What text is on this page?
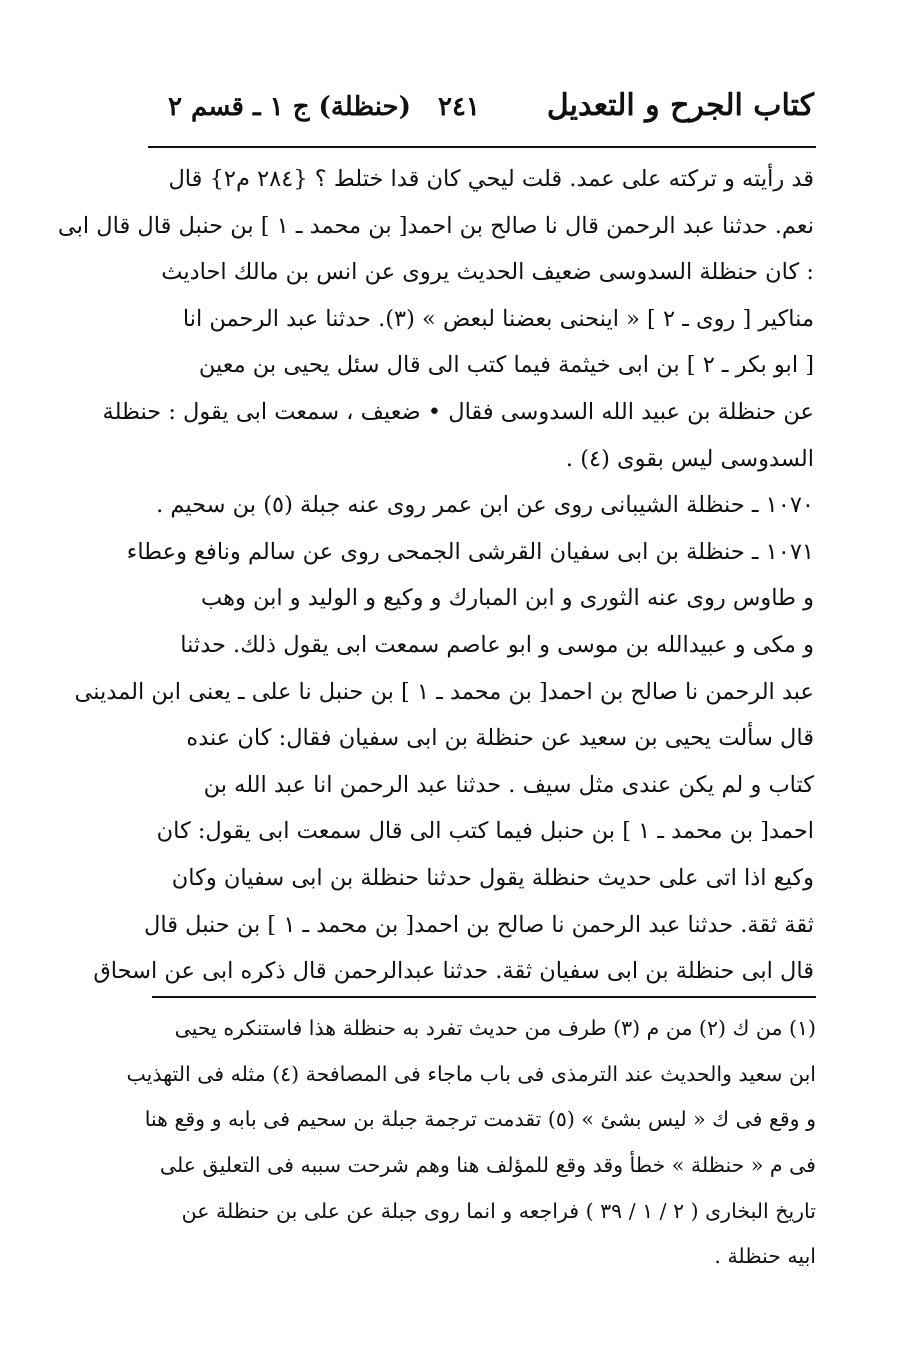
كتاب الجرح و التعديل
٢٤١
(حنظلة) ج ١ ـ قسم ٢
قد رأيته و تركته على عمد. قلت ليحي كان قدا ختلط ؟ {٢٨٤ م٢} قال
نعم. حدثنا عبد الرحمن قال نا صالح بن احمد[ بن محمد ـ ١ ] بن حنبل قال قال ابى
: كان حنظلة السدوسى ضعيف الحديث يروى عن انس بن مالك احاديث
مناكير [ روى ـ ٢ ] « اينحنى بعضنا لبعض » (٣). حدثنا عبد الرحمن انا
[ ابو بكر ـ ٢ ] بن ابى خيثمة فيما كتب الى قال سئل يحيى بن معين
عن حنظلة بن عبيد الله السدوسى فقال • ضعيف ، سمعت ابى يقول : حنظلة
السدوسى ليس بقوى (٤) .
١٠٧٠ ـ حنظلة الشيبانى روى عن ابن عمر روى عنه جبلة (٥) بن سحيم .
١٠٧١ ـ حنظلة بن ابى سفيان القرشى الجمحى روى عن سالم ونافع وعطاء
و طاوس روى عنه الثورى و ابن المبارك و وكيع و الوليد و ابن وهب
و مكى و عبيدالله بن موسى و ابو عاصم سمعت ابى يقول ذلك. حدثنا
عبد الرحمن نا صالح بن احمد[ بن محمد ـ ١ ] بن حنبل نا على ـ يعنى ابن المدينى
قال سألت يحيى بن سعيد عن حنظلة بن ابى سفيان فقال: كان عنده
كتاب و لم يكن عندى مثل سيف . حدثنا عبد الرحمن انا عبد الله بن
احمد[ بن محمد ـ ١ ] بن حنبل فيما كتب الى قال سمعت ابى يقول: كان
وكيع اذا اتى على حديث حنظلة يقول حدثنا حنظلة بن ابى سفيان وكان
ثقة ثقة. حدثنا عبد الرحمن نا صالح بن احمد[ بن محمد ـ ١ ] بن حنبل قال
قال ابى حنظلة بن ابى سفيان ثقة. حدثنا عبدالرحمن قال ذكره ابى عن اسحاق
(١) من ك (٢) من م (٣) طرف من حديث تفرد به حنظلة هذا فاستنكره يحيى
ابن سعيد والحديث عند الترمذى فى باب ماجاء فى المصافحة (٤) مثله فى التهذيب
و وقع فى ك « ليس بشئ » (٥) تقدمت ترجمة جبلة بن سحيم فى بابه و وقع هنا
فى م « حنظلة » خطأ وقد وقع للمؤلف هنا وهم شرحت سببه فى التعليق على
تاريخ البخارى ( ٢ / ١ / ٣٩ ) فراجعه و انما روى جبلة عن على بن حنظلة عن
ابيه حنظلة .
